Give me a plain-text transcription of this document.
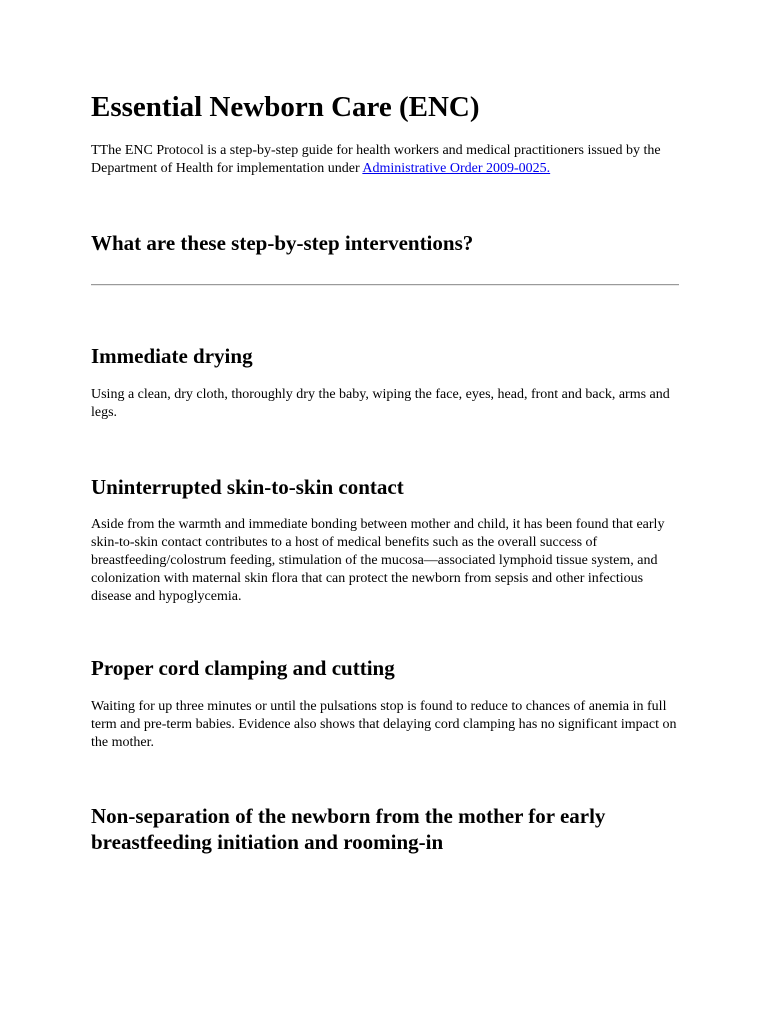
Essential Newborn Care (ENC)

TThe ENC Protocol is a step-by-step guide for health workers and medical practitioners issued by the Department of Health for implementation under Administrative Order 2009-0025.

What are these step-by-step interventions?
Immediate drying

Using a clean, dry cloth, thoroughly dry the baby, wiping the face, eyes, head, front and back, arms and legs.

Uninterrupted skin-to-skin contact

Aside from the warmth and immediate bonding between mother and child, it has been found that early skin-to-skin contact contributes to a host of medical benefits such as the overall success of breastfeeding/colostrum feeding, stimulation of the mucosa—associated lymphoid tissue system, and colonization with maternal skin flora that can protect the newborn from sepsis and other infectious disease and hypoglycemia.

Proper cord clamping and cutting

Waiting for up three minutes or until the pulsations stop is found to reduce to chances of anemia in full term and pre-term babies. Evidence also shows that delaying cord clamping has no significant impact on the mother.

Non-separation of the newborn from the mother for early breastfeeding initiation and rooming-in
